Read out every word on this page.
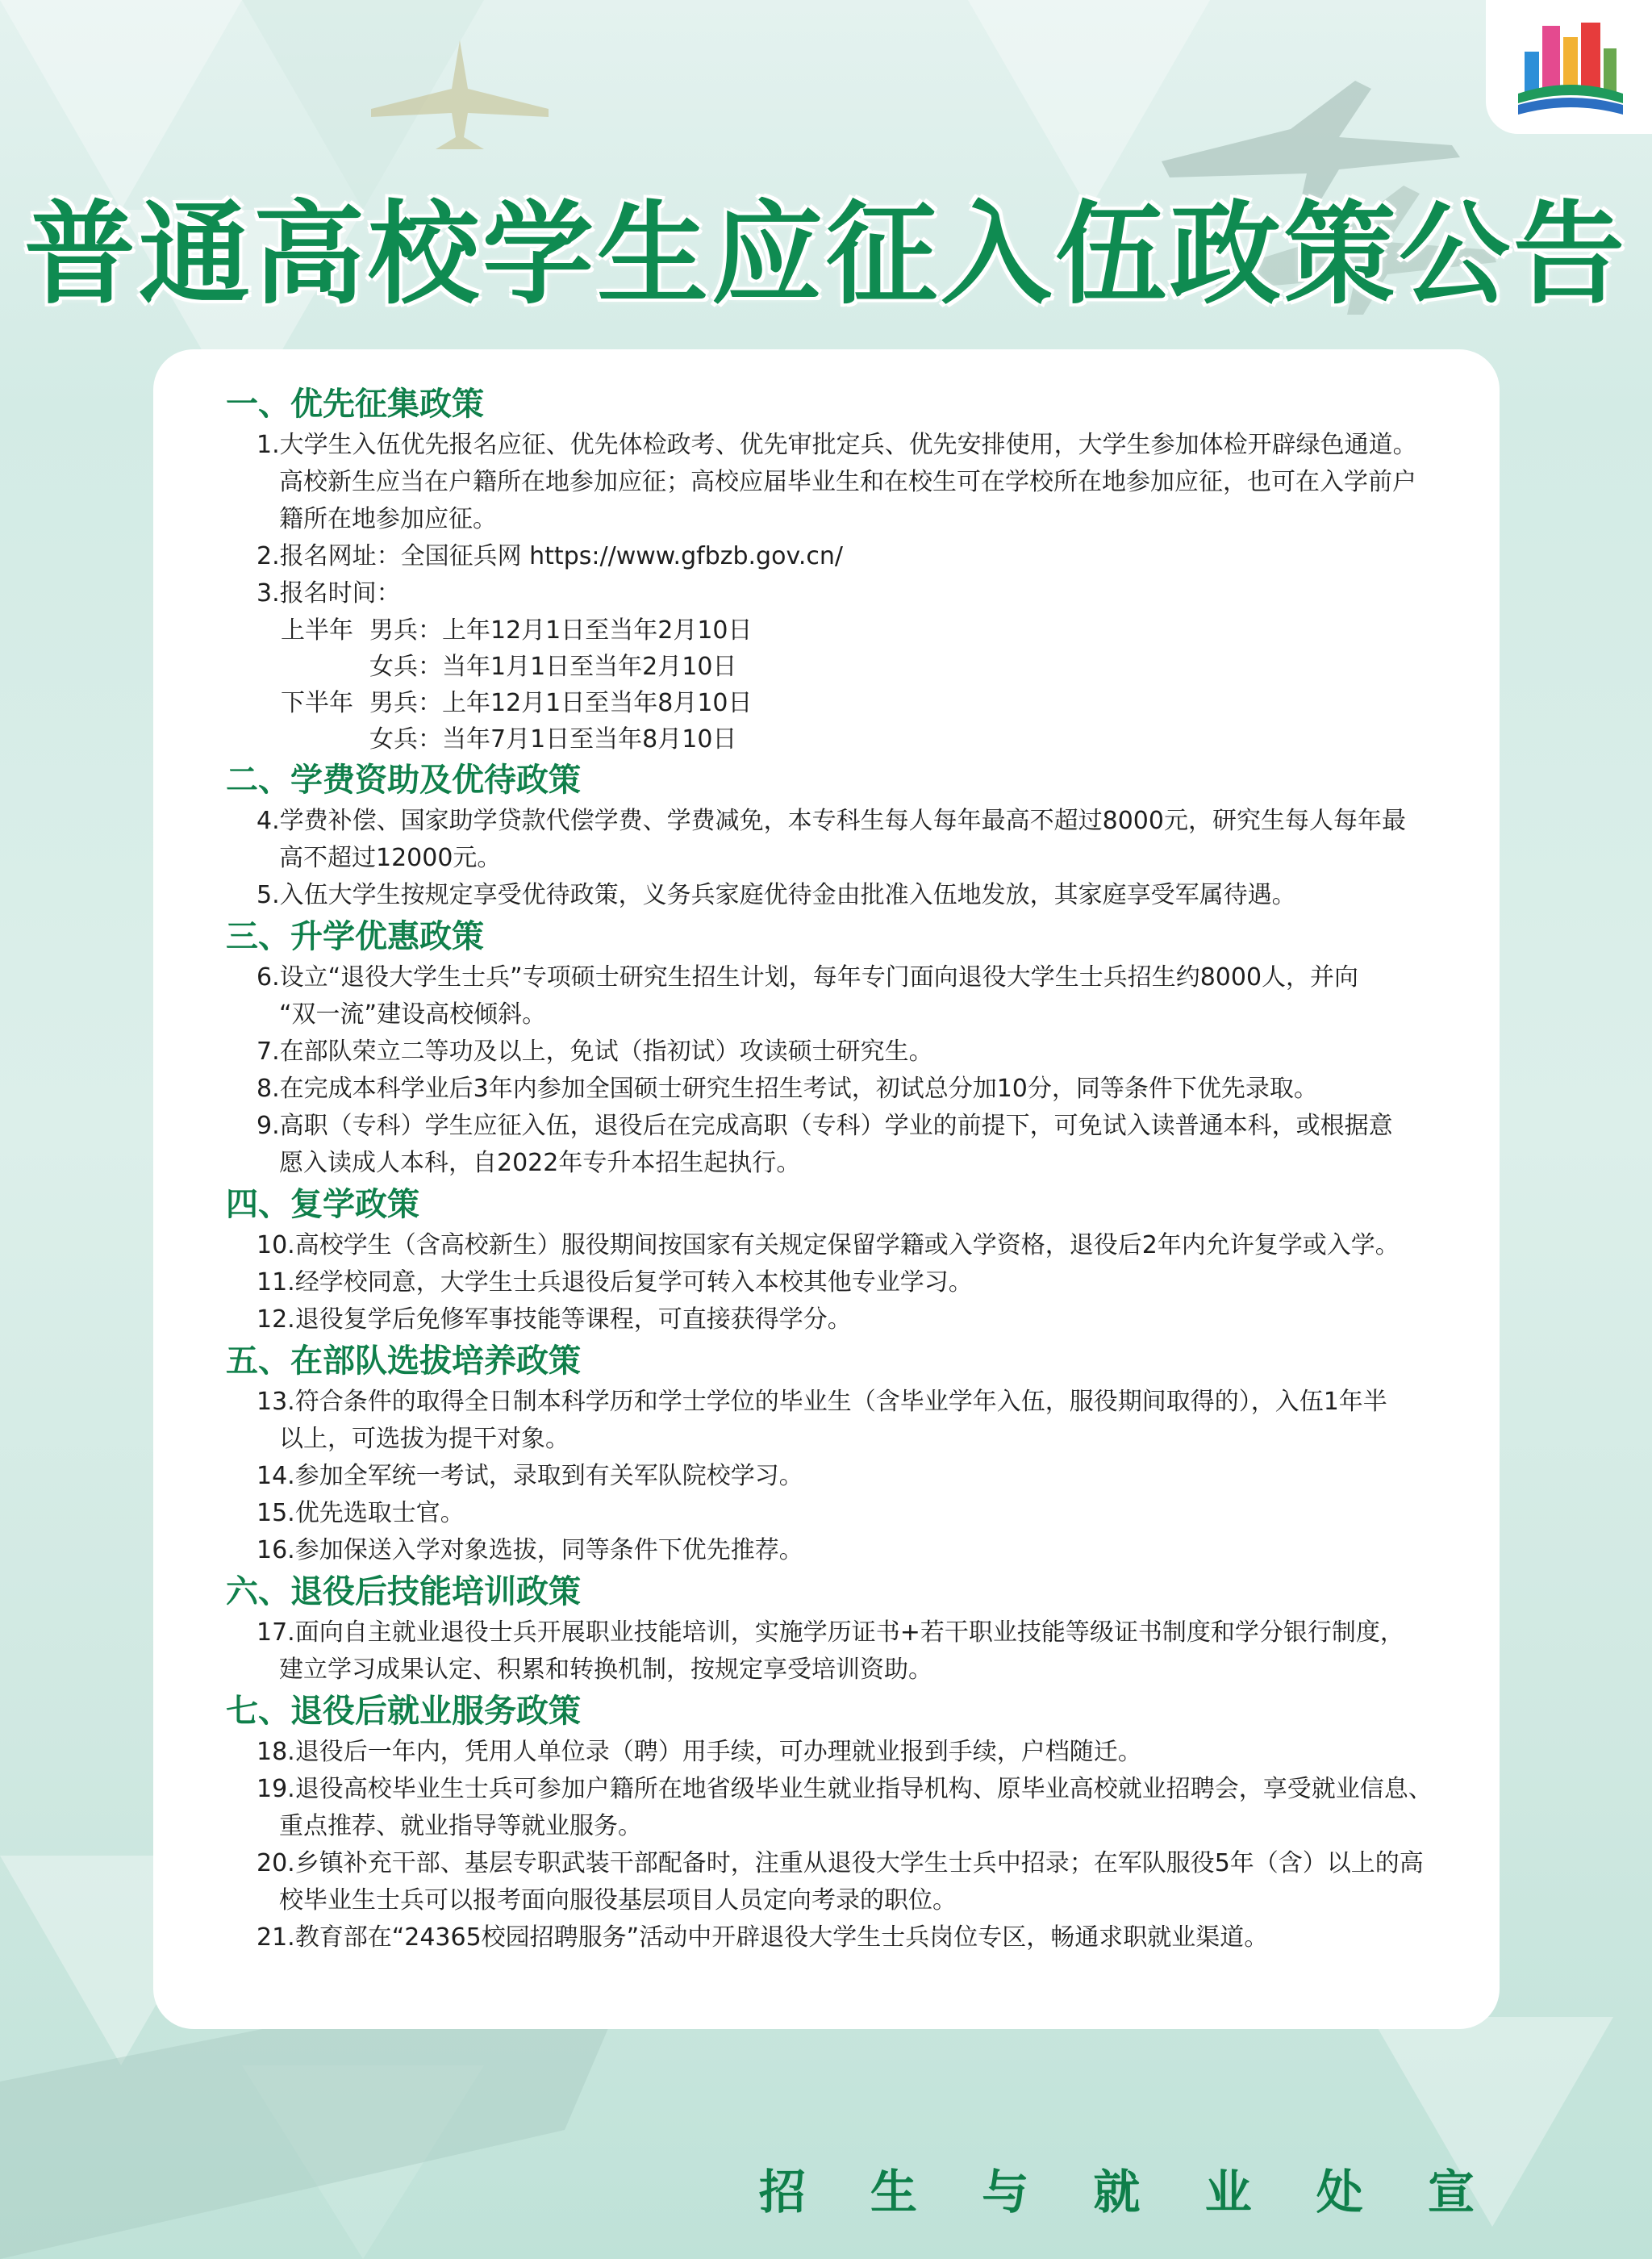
普通高校学生应征入伍政策公告
一、优先征集政策
1.大学生入伍优先报名应征、优先体检政考、优先审批定兵、优先安排使用，大学生参加体检开辟绿色通道。
高校新生应当在户籍所在地参加应征；高校应届毕业生和在校生可在学校所在地参加应征，也可在入学前户
籍所在地参加应征。
2.报名网址：全国征兵网 https://www.gfbzb.gov.cn/
3.报名时间：
上半年 男兵：上年12月1日至当年2月10日
女兵：当年1月1日至当年2月10日
下半年 男兵：上年12月1日至当年8月10日
女兵：当年7月1日至当年8月10日
二、学费资助及优待政策
4.学费补偿、国家助学贷款代偿学费、学费减免，本专科生每人每年最高不超过8000元，研究生每人每年最
高不超过12000元。
5.入伍大学生按规定享受优待政策，义务兵家庭优待金由批准入伍地发放，其家庭享受军属待遇。
三、升学优惠政策
6.设立“退役大学生士兵”专项硕士研究生招生计划，每年专门面向退役大学生士兵招生约8000人，并向
“双一流”建设高校倾斜。
7.在部队荣立二等功及以上，免试（指初试）攻读硕士研究生。
8.在完成本科学业后3年内参加全国硕士研究生招生考试，初试总分加10分，同等条件下优先录取。
9.高职（专科）学生应征入伍，退役后在完成高职（专科）学业的前提下，可免试入读普通本科，或根据意
愿入读成人本科，自2022年专升本招生起执行。
四、复学政策
10.高校学生（含高校新生）服役期间按国家有关规定保留学籍或入学资格，退役后2年内允许复学或入学。
11.经学校同意，大学生士兵退役后复学可转入本校其他专业学习。
12.退役复学后免修军事技能等课程，可直接获得学分。
五、在部队选拔培养政策
13.符合条件的取得全日制本科学历和学士学位的毕业生（含毕业学年入伍，服役期间取得的），入伍1年半
以上，可选拔为提干对象。
14.参加全军统一考试，录取到有关军队院校学习。
15.优先选取士官。
16.参加保送入学对象选拔，同等条件下优先推荐。
六、退役后技能培训政策
17.面向自主就业退役士兵开展职业技能培训，实施学历证书+若干职业技能等级证书制度和学分银行制度，
建立学习成果认定、积累和转换机制，按规定享受培训资助。
七、退役后就业服务政策
18.退役后一年内，凭用人单位录（聘）用手续，可办理就业报到手续，户档随迁。
19.退役高校毕业生士兵可参加户籍所在地省级毕业生就业指导机构、原毕业高校就业招聘会，享受就业信息、
重点推荐、就业指导等就业服务。
20.乡镇补充干部、基层专职武装干部配备时，注重从退役大学生士兵中招录；在军队服役5年（含）以上的高
校毕业生士兵可以报考面向服役基层项目人员定向考录的职位。
21.教育部在“24365校园招聘服务”活动中开辟退役大学生士兵岗位专区，畅通求职就业渠道。
招 生 与 就 业 处 宣
